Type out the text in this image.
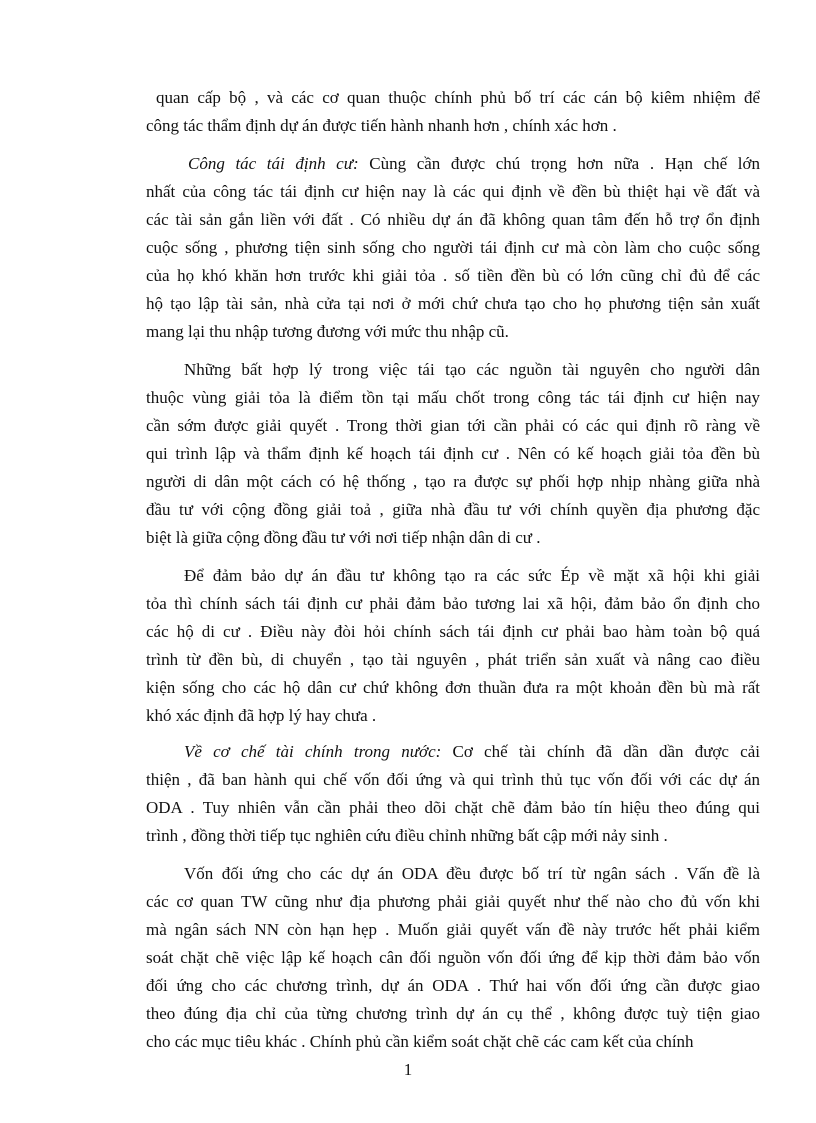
quan cấp bộ , và các cơ quan thuộc chính phủ bố trí các cán bộ kiêm nhiệm để
công tác thẩm định dự án được tiến hành nhanh hơn , chính xác hơn .
Công tác tái định cư: Cùng cần được chú trọng hơn nữa . Hạn chế lớn
nhất của công tác tái định cư hiện nay là các qui định về đền bù thiệt hại về đất và
các tài sản gắn liền với đất . Có nhiều dự án đã không quan tâm đến hỗ trợ ổn định
cuộc sống , phương tiện sinh sống cho người tái định cư mà còn làm cho cuộc sống
của họ khó khăn hơn trước khi giải tỏa . số tiền đền bù có lớn cũng chỉ đủ để các
hộ tạo lập tài sản, nhà cửa tại nơi ở mới chứ chưa tạo cho họ phương tiện sản xuất
mang lại thu nhập tương đương với mức thu nhập cũ.
Những bất hợp lý trong việc tái tạo các nguồn tài nguyên cho người dân
thuộc vùng giải tỏa là điểm tồn tại mấu chốt trong công tác tái định cư hiện nay
cần sớm được giải quyết . Trong thời gian tới cần phải có các qui định rõ ràng về
qui trình lập và thẩm định kế hoạch tái định cư . Nên có kế hoạch giải tỏa đền bù
người di dân một cách có hệ thống , tạo ra được sự phối hợp nhịp nhàng giữa nhà
đầu tư với cộng đồng giải toả , giữa nhà đầu tư với chính quyền địa phương đặc
biệt là giữa cộng đồng đầu tư với nơi tiếp nhận dân di cư .
Để đảm bảo dự án đầu tư không tạo ra các sức Ép về mặt xã hội khi giải
tỏa thì chính sách tái định cư phải đảm bảo tương lai xã hội, đảm bảo ổn định cho
các hộ di cư . Điều này đòi hỏi chính sách tái định cư phải bao hàm toàn bộ quá
trình từ đền bù, di chuyển , tạo tài nguyên , phát triển sản xuất và nâng cao điều
kiện sống cho các hộ dân cư chứ không đơn thuần đưa ra một khoản đền bù mà rất
khó xác định đã hợp lý hay chưa .
Về cơ chế tài chính trong nước: Cơ chế tài chính đã dần dần được cải
thiện , đã ban hành qui chế vốn đối ứng và qui trình thủ tục vốn đối với các dự án
ODA . Tuy nhiên vẫn cần phải theo dõi chặt chẽ đảm bảo tín hiệu theo đúng qui
trình , đồng thời tiếp tục nghiên cứu điều chỉnh những bất cập mới nảy sinh .
Vốn đối ứng cho các dự án ODA đều được bố trí từ ngân sách . Vấn đề là
các cơ quan TW cũng như địa phương phải giải quyết như thế nào cho đủ vốn khi
mà ngân sách NN còn hạn hẹp . Muốn giải quyết vấn đề này trước hết phải kiểm
soát chặt chẽ việc lập kế hoạch cân đối nguồn vốn đối ứng để kịp thời đảm bảo vốn
đối ứng cho các chương trình, dự án ODA . Thứ hai vốn đối ứng cần được giao
theo đúng địa chỉ của từng chương trình dự án cụ thể , không được tuỳ tiện giao
cho các mục tiêu khác . Chính phủ cần kiểm soát chặt chẽ các cam kết của chính
1
